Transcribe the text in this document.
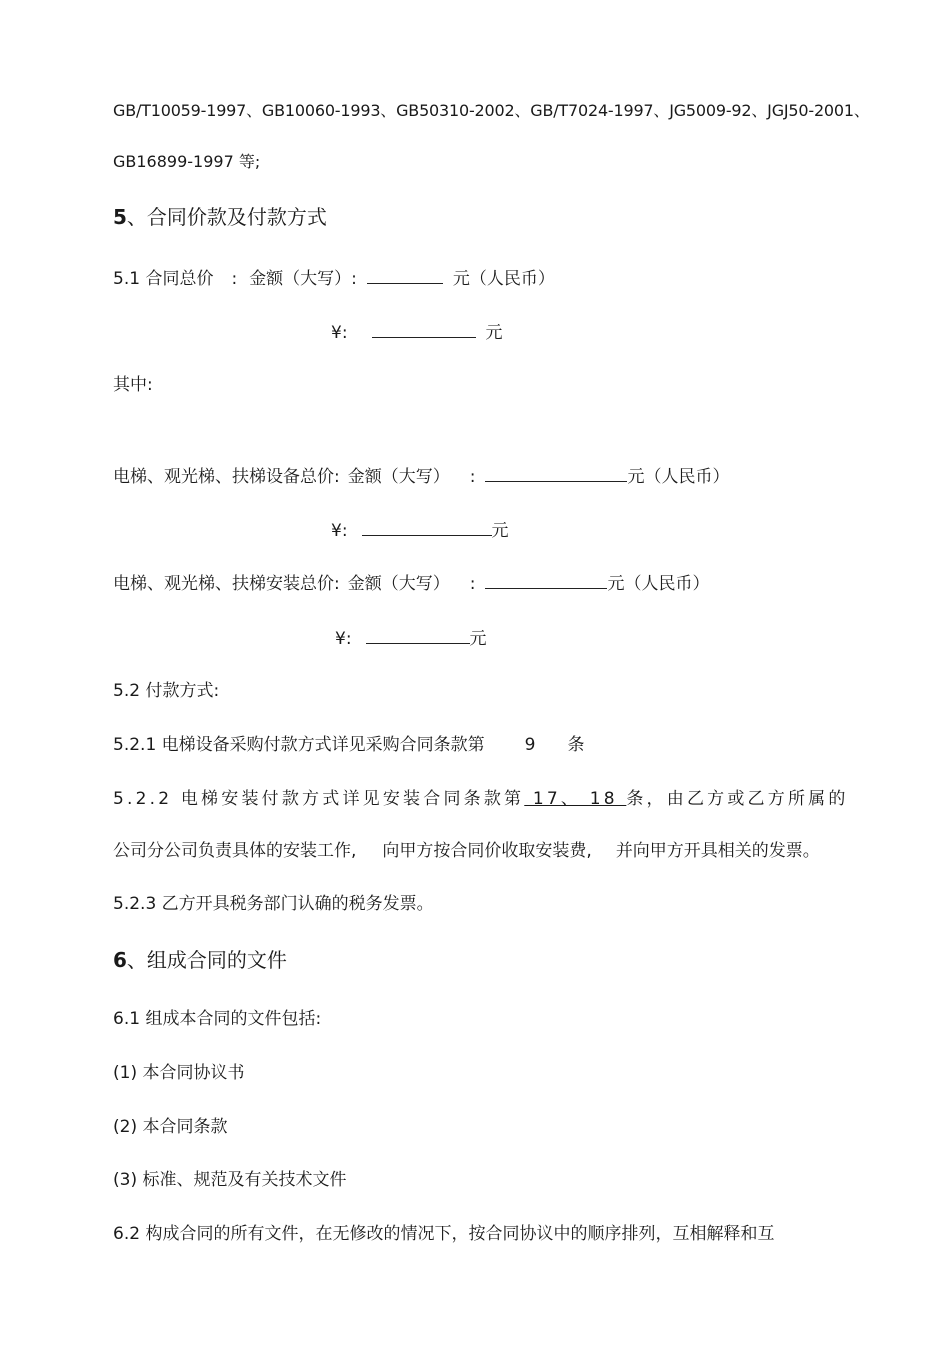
GB/T10059-1997、GB10060-1993、GB50310-2002、GB/T7024-1997、JG5009-92、JGJ50-2001、
GB16899-1997 等;
5、合同价款及付款方式
5.1 合同总价 : 金额（大写）:	元（人民币）
¥:	元
其中:
电梯、观光梯、扶梯设备总价: 金额（大写） :	元（人民币）
¥:	元
电梯、观光梯、扶梯安装总价: 金额（大写） :	元（人民币）
¥:	元
5.2 付款方式:
5.2.1 电梯设备采购付款方式详见采购合同条款第 9 条
5.2.2 电梯安装付款方式详见安装合同条款第 17、 18 条，由乙方或乙方所属的
公司分公司负责具体的安装工作, 向甲方按合同价收取安装费, 并向甲方开具相关的发票。
5.2.3 乙方开具税务部门认确的税务发票。
6、组成合同的文件
6.1 组成本合同的文件包括:
(1) 本合同协议书
(2) 本合同条款
(3) 标准、规范及有关技术文件
6.2 构成合同的所有文件，在无修改的情况下，按合同协议中的顺序排列，互相解释和互
